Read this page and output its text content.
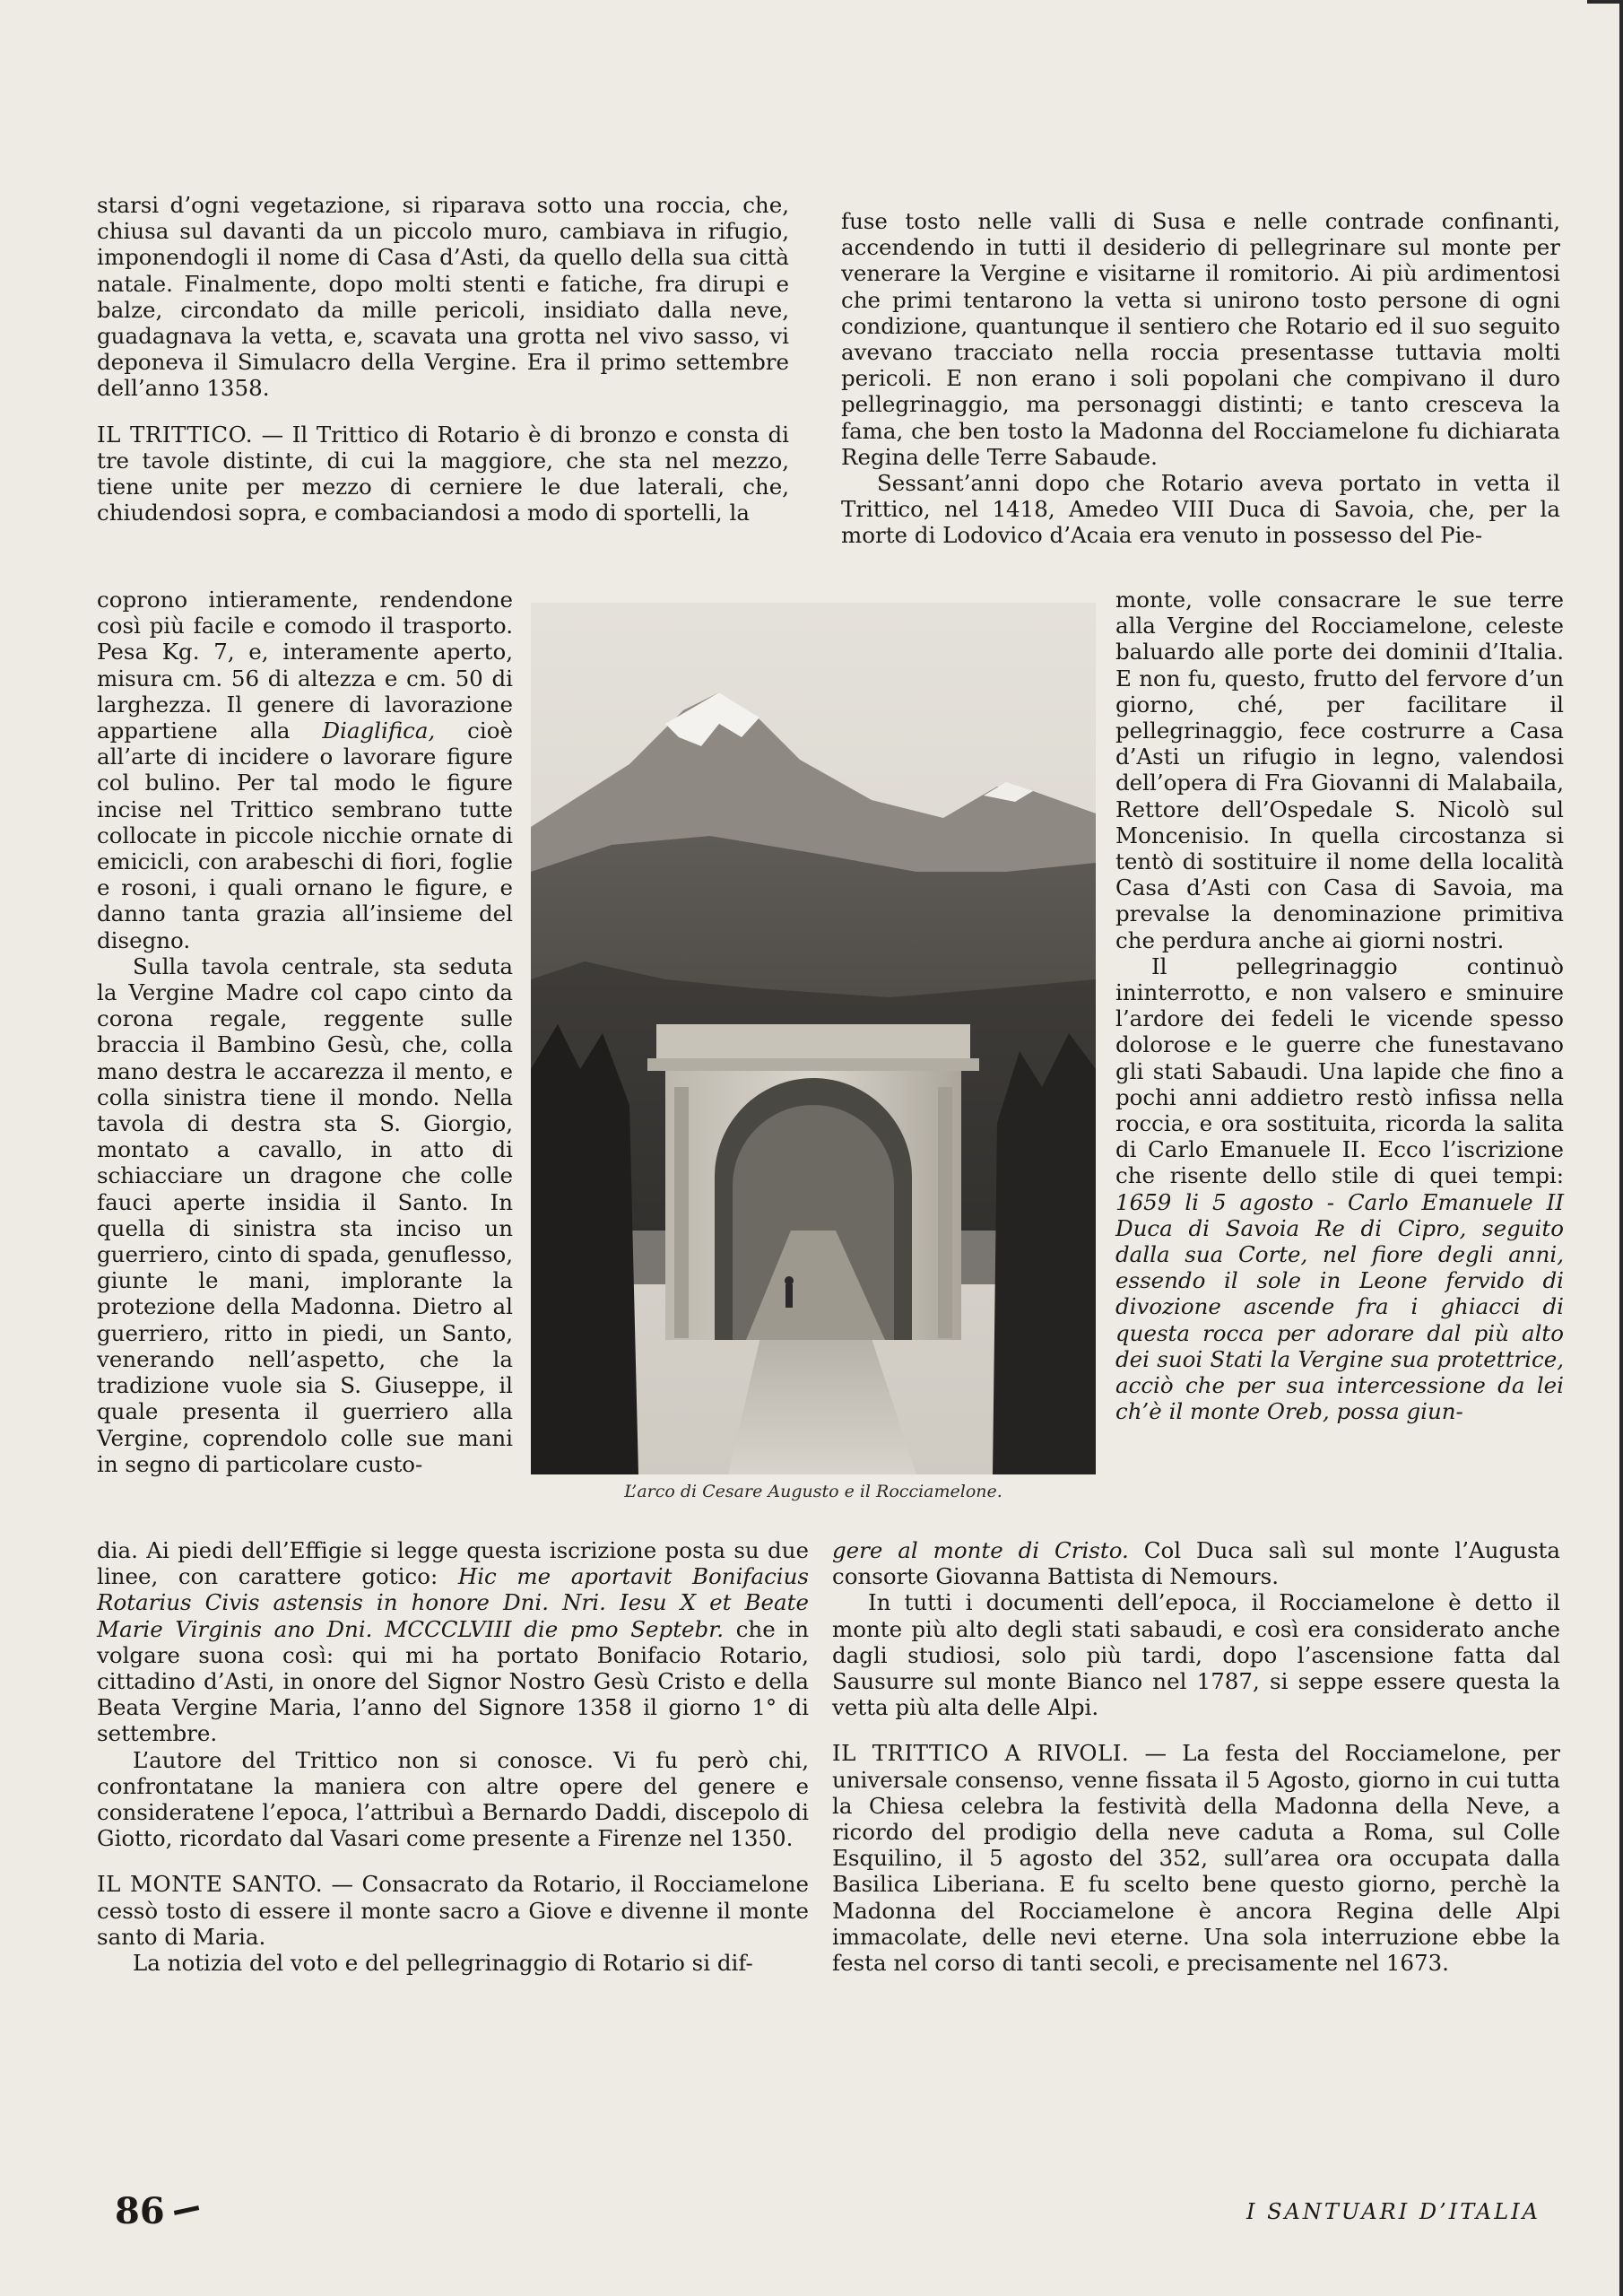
starsi d’ogni vegetazione, si riparava sotto una roccia, che, chiusa sul davanti da un piccolo muro, cambiava in rifugio, imponendogli il nome di Casa d’Asti, da quello della sua città natale. Finalmente, dopo molti stenti e fatiche, fra dirupi e balze, circondato da mille pericoli, insidiato dalla neve, guadagnava la vetta, e, scavata una grotta nel vivo sasso, vi deponeva il Simulacro della Vergine. Era il primo settembre dell’anno 1358.

IL TRITTICO. — Il Trittico di Rotario è di bronzo e consta di tre tavole distinte, di cui la maggiore, che sta nel mezzo, tiene unite per mezzo di cerniere le due laterali, che, chiudendosi sopra, e combaciandosi a modo di sportelli, la

coprono intieramente, rendendone così più facile e comodo il trasporto. Pesa Kg. 7, e, interamente aperto, misura cm. 56 di altezza e cm. 50 di larghezza. Il genere di lavorazione appartiene alla Diaglifica, cioè all’arte di incidere o lavorare figure col bulino. Per tal modo le figure incise nel Trittico sembrano tutte collocate in piccole nicchie ornate di emicicli, con arabeschi di fiori, foglie e rosoni, i quali ornano le figure, e danno tanta grazia all’insieme del disegno.

Sulla tavola centrale, sta seduta la Vergine Madre col capo cinto da corona regale, reggente sulle braccia il Bambino Gesù, che, colla mano destra le accarezza il mento, e colla sinistra tiene il mondo. Nella tavola di destra sta S. Giorgio, montato a cavallo, in atto di schiacciare un dragone che colle fauci aperte insidia il Santo. In quella di sinistra sta inciso un guerriero, cinto di spada, genuflesso, giunte le mani, implorante la protezione della Madonna. Dietro al guerriero, ritto in piedi, un Santo, venerando nell’aspetto, che la tradizione vuole sia S. Giuseppe, il quale presenta il guerriero alla Vergine, coprendolo colle sue mani in segno di particolare custo-

dia. Ai piedi dell’Effigie si legge questa iscrizione posta su due linee, con carattere gotico: Hic me aportavit Bonifacius Rotarius Civis astensis in honore Dni. Nri. Iesu X et Beate Marie Virginis ano Dni. MCCCLVIII die pmo Septebr. che in volgare suona così: qui mi ha portato Bonifacio Rotario, cittadino d’Asti, in onore del Signor Nostro Gesù Cristo e della Beata Vergine Maria, l’anno del Signore 1358 il giorno 1° di settembre.

L’autore del Trittico non si conosce. Vi fu però chi, confrontatane la maniera con altre opere del genere e consideratene l’epoca, l’attribuì a Bernardo Daddi, discepolo di Giotto, ricordato dal Vasari come presente a Firenze nel 1350.

IL MONTE SANTO. — Consacrato da Rotario, il Rocciamelone cessò tosto di essere il monte sacro a Giove e divenne il monte santo di Maria.

La notizia del voto e del pellegrinaggio di Rotario si dif-

fuse tosto nelle valli di Susa e nelle contrade confinanti, accendendo in tutti il desiderio di pellegrinare sul monte per venerare la Vergine e visitarne il romitorio. Ai più ardimentosi che primi tentarono la vetta si unirono tosto persone di ogni condizione, quantunque il sentiero che Rotario ed il suo seguito avevano tracciato nella roccia presentasse tuttavia molti pericoli. E non erano i soli popolani che compivano il duro pellegrinaggio, ma personaggi distinti; e tanto cresceva la fama, che ben tosto la Madonna del Rocciamelone fu dichiarata Regina delle Terre Sabaude.

Sessant’anni dopo che Rotario aveva portato in vetta il Trittico, nel 1418, Amedeo VIII Duca di Savoia, che, per la morte di Lodovico d’Acaia era venuto in possesso del Pie-

monte, volle consacrare le sue terre alla Vergine del Rocciamelone, celeste baluardo alle porte dei dominii d’Italia. E non fu, questo, frutto del fervore d’un giorno, ché, per facilitare il pellegrinaggio, fece costrurre a Casa d’Asti un rifugio in legno, valendosi dell’opera di Fra Giovanni di Malabaila, Rettore dell’Ospedale S. Nicolò sul Moncenisio. In quella circostanza si tentò di sostituire il nome della località Casa d’Asti con Casa di Savoia, ma prevalse la denominazione primitiva che perdura anche ai giorni nostri.

Il pellegrinaggio continuò ininterrotto, e non valsero e sminuire l’ardore dei fedeli le vicende spesso dolorose e le guerre che funestavano gli stati Sabaudi. Una lapide che fino a pochi anni addietro restò infissa nella roccia, e ora sostituita, ricorda la salita di Carlo Emanuele II. Ecco l’iscrizione che risente dello stile di quei tempi: 1659 li 5 agosto - Carlo Emanuele II Duca di Savoia Re di Cipro, seguito dalla sua Corte, nel fiore degli anni, essendo il sole in Leone fervido di divozione ascende fra i ghiacci di questa rocca per adorare dal più alto dei suoi Stati la Vergine sua protettrice, acciò che per sua intercessione da lei ch’è il monte Oreb, possa giun-

gere al monte di Cristo. Col Duca salì sul monte l’Augusta consorte Giovanna Battista di Nemours.

In tutti i documenti dell’epoca, il Rocciamelone è detto il monte più alto degli stati sabaudi, e così era considerato anche dagli studiosi, solo più tardi, dopo l’ascensione fatta dal Sausurre sul monte Bianco nel 1787, si seppe essere questa la vetta più alta delle Alpi.

IL TRITTICO A RIVOLI. — La festa del Rocciamelone, per universale consenso, venne fissata il 5 Agosto, giorno in cui tutta la Chiesa celebra la festività della Madonna della Neve, a ricordo del prodigio della neve caduta a Roma, sul Colle Esquilino, il 5 agosto del 352, sull’area ora occupata dalla Basilica Liberiana. E fu scelto bene questo giorno, perchè la Madonna del Rocciamelone è ancora Regina delle Alpi immacolate, delle nevi eterne. Una sola interruzione ebbe la festa nel corso di tanti secoli, e precisamente nel 1673.

L’arco di Cesare Augusto e il Rocciamelone.
86	I SANTUARI D’ITALIA
